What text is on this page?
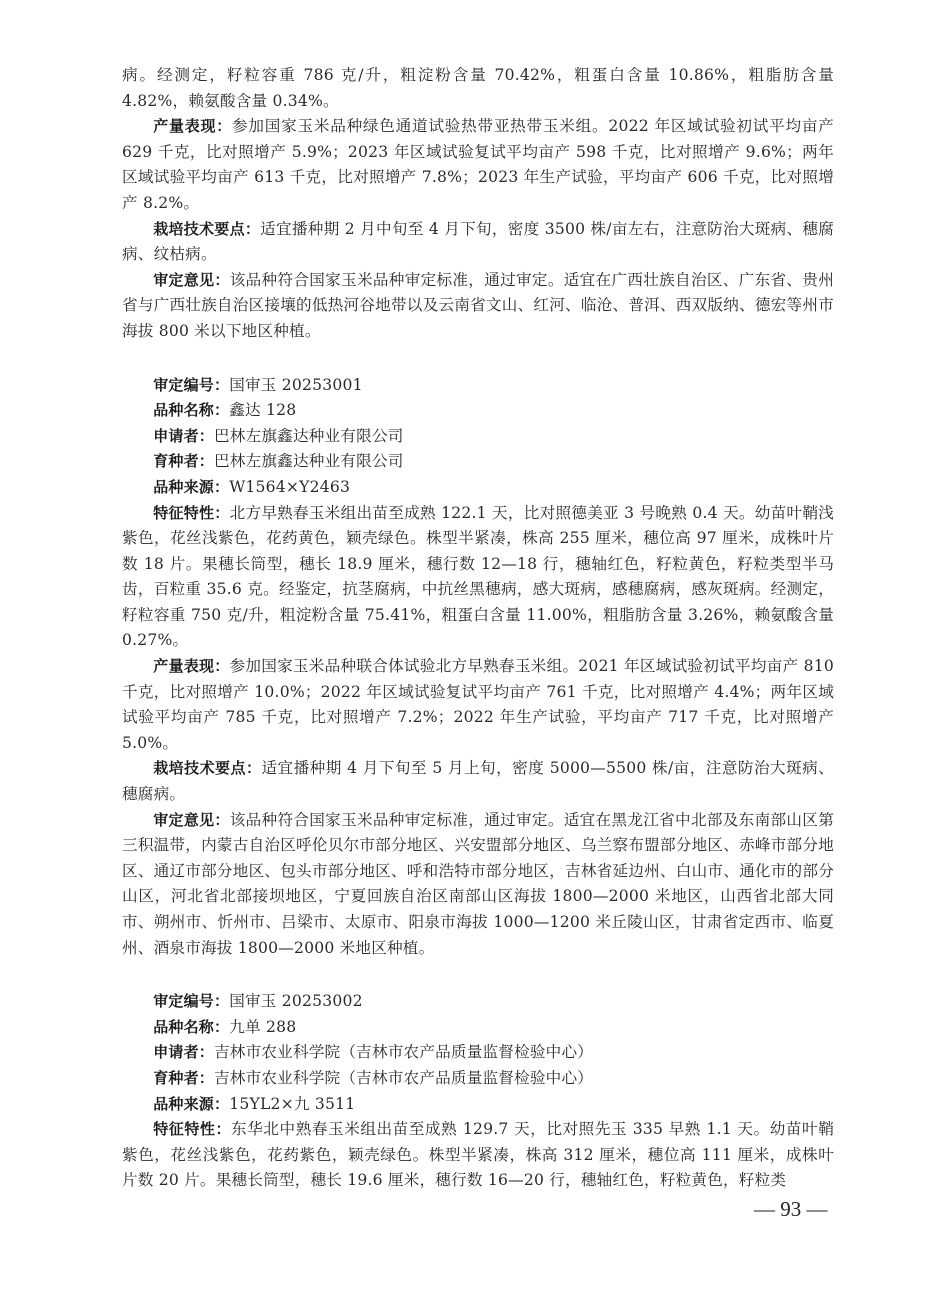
病。经测定，籽粒容重 786 克/升，粗淀粉含量 70.42%，粗蛋白含量 10.86%，粗脂肪含量 4.82%，赖氨酸含量 0.34%。

产量表现：参加国家玉米品种绿色通道试验热带亚热带玉米组。2022 年区域试验初试平均亩产 629 千克，比对照增产 5.9%；2023 年区域试验复试平均亩产 598 千克，比对照增产 9.6%；两年区域试验平均亩产 613 千克，比对照增产 7.8%；2023 年生产试验，平均亩产 606 千克，比对照增产 8.2%。

栽培技术要点：适宜播种期 2 月中旬至 4 月下旬，密度 3500 株/亩左右，注意防治大斑病、穗腐病、纹枯病。

审定意见：该品种符合国家玉米品种审定标准，通过审定。适宜在广西壮族自治区、广东省、贵州省与广西壮族自治区接壤的低热河谷地带以及云南省文山、红河、临沧、普洱、西双版纳、德宏等州市海拔 800 米以下地区种植。

审定编号：国审玉 20253001

品种名称：鑫达 128

申请者：巴林左旗鑫达种业有限公司

育种者：巴林左旗鑫达种业有限公司

品种来源：W1564×Y2463

特征特性：北方早熟春玉米组出苗至成熟 122.1 天，比对照德美亚 3 号晚熟 0.4 天。幼苗叶鞘浅紫色，花丝浅紫色，花药黄色，颖壳绿色。株型半紧凑，株高 255 厘米，穗位高 97 厘米，成株叶片数 18 片。果穗长筒型，穗长 18.9 厘米，穗行数 12—18 行，穗轴红色，籽粒黄色，籽粒类型半马齿，百粒重 35.6 克。经鉴定，抗茎腐病，中抗丝黑穗病，感大斑病，感穗腐病，感灰斑病。经测定，籽粒容重 750 克/升，粗淀粉含量 75.41%，粗蛋白含量 11.00%，粗脂肪含量 3.26%，赖氨酸含量 0.27%。

产量表现：参加国家玉米品种联合体试验北方早熟春玉米组。2021 年区域试验初试平均亩产 810 千克，比对照增产 10.0%；2022 年区域试验复试平均亩产 761 千克，比对照增产 4.4%；两年区域试验平均亩产 785 千克，比对照增产 7.2%；2022 年生产试验，平均亩产 717 千克，比对照增产 5.0%。

栽培技术要点：适宜播种期 4 月下旬至 5 月上旬，密度 5000—5500 株/亩，注意防治大斑病、穗腐病。

审定意见：该品种符合国家玉米品种审定标准，通过审定。适宜在黑龙江省中北部及东南部山区第三积温带，内蒙古自治区呼伦贝尔市部分地区、兴安盟部分地区、乌兰察布盟部分地区、赤峰市部分地区、通辽市部分地区、包头市部分地区、呼和浩特市部分地区，吉林省延边州、白山市、通化市的部分山区，河北省北部接坝地区，宁夏回族自治区南部山区海拔 1800—2000 米地区，山西省北部大同市、朔州市、忻州市、吕梁市、太原市、阳泉市海拔 1000—1200 米丘陵山区，甘肃省定西市、临夏州、酒泉市海拔 1800—2000 米地区种植。

审定编号：国审玉 20253002

品种名称：九单 288

申请者：吉林市农业科学院（吉林市农产品质量监督检验中心）

育种者：吉林市农业科学院（吉林市农产品质量监督检验中心）

品种来源：15YL2×九 3511

特征特性：东华北中熟春玉米组出苗至成熟 129.7 天，比对照先玉 335 早熟 1.1 天。幼苗叶鞘紫色，花丝浅紫色，花药紫色，颖壳绿色。株型半紧凑，株高 312 厘米，穗位高 111 厘米，成株叶片数 20 片。果穗长筒型，穗长 19.6 厘米，穗行数 16—20 行，穗轴红色，籽粒黄色，籽粒类

— 93 —
